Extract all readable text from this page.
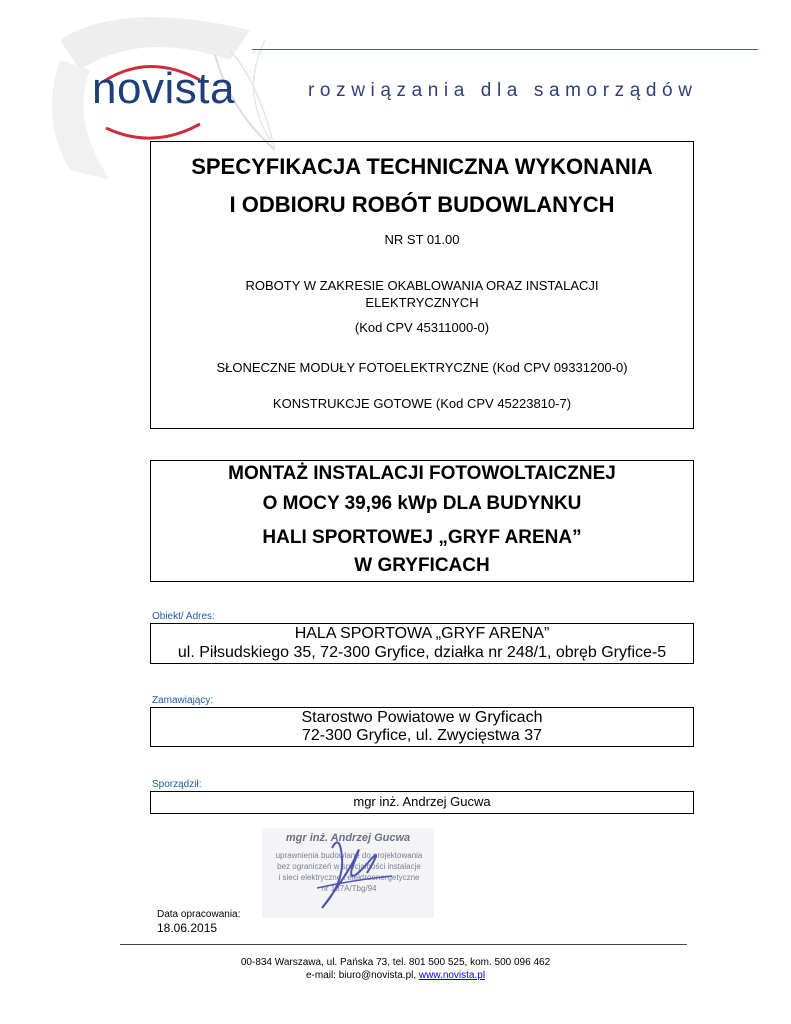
novista	rozwiązania dla samorządów
SPECYFIKACJA TECHNICZNA WYKONANIA
I ODBIORU ROBÓT BUDOWLANYCH
NR ST 01.00
ROBOTY W ZAKRESIE OKABLOWANIA ORAZ INSTALACJI
ELEKTRYCZNYCH
(Kod CPV 45311000-0)
SŁONECZNE MODUŁY FOTOELEKTRYCZNE (Kod CPV 09331200-0)
KONSTRUKCJE GOTOWE (Kod CPV 45223810-7)
MONTAŻ INSTALACJI FOTOWOLTAICZNEJ
O MOCY 39,96 kWp DLA BUDYNKU
HALI SPORTOWEJ „GRYF ARENA”
W GRYFICACH
Obiekt/ Adres:
HALA SPORTOWA „GRYF ARENA”
ul. Piłsudskiego 35, 72-300 Gryfice, działka nr 248/1, obręb Gryfice-5
Zamawiający:
Starostwo Powiatowe w Gryficach
72-300 Gryfice, ul. Zwycięstwa 37
Sporządził:
mgr inż. Andrzej Gucwa
mgr inż. Andrzej Gucwa
uprawnienia budowlane do projektowania
bez ograniczeń w specjalności instalacje
i sieci elektryczne i elektroenergetyczne
nr 187A/Tbg/94
Data opracowania:
18.06.2015
00-834 Warszawa, ul. Pańska 73, tel. 801 500 525, kom. 500 096 462
e-mail: biuro@novista.pl, www.novista.pl
